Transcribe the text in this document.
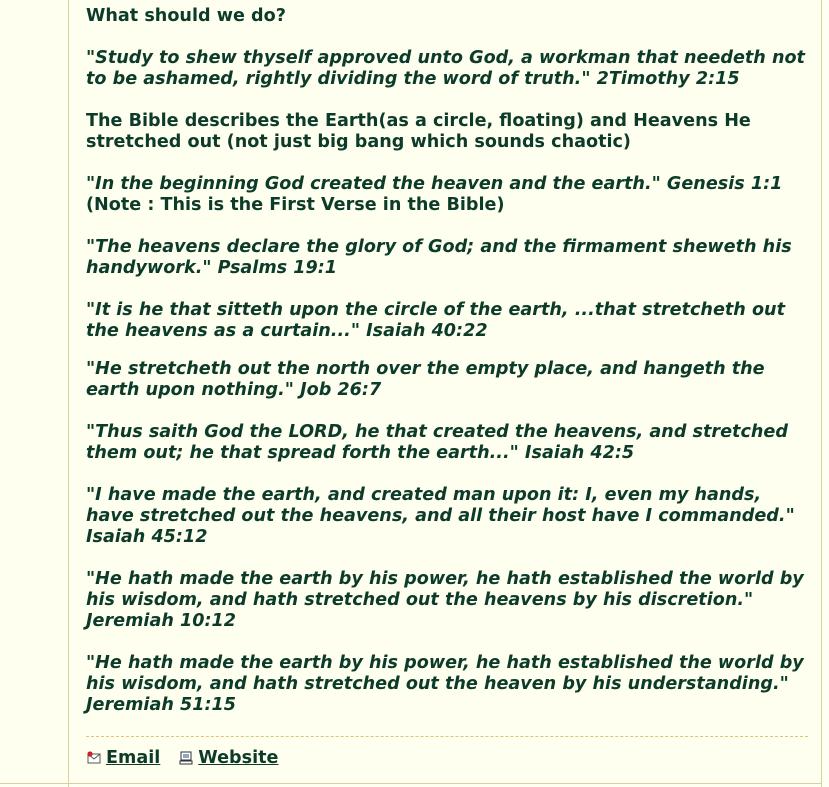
What should we do?

"Study to shew thyself approved unto God, a workman that needeth not to be ashamed, rightly dividing the word of truth." 2Timothy 2:15

The Bible describes the Earth(as a circle, floating) and Heavens He stretched out (not just big bang which sounds chaotic)

"In the beginning God created the heaven and the earth." Genesis 1:1
(Note : This is the First Verse in the Bible)

"The heavens declare the glory of God; and the firmament sheweth his handywork." Psalms 19:1

"It is he that sitteth upon the circle of the earth, ...that stretcheth out the heavens as a curtain..." Isaiah 40:22

"He stretcheth out the north over the empty place, and hangeth the earth upon nothing." Job 26:7

"Thus saith God the LORD, he that created the heavens, and stretched them out; he that spread forth the earth..." Isaiah 42:5

"I have made the earth, and created man upon it: I, even my hands, have stretched out the heavens, and all their host have I commanded." Isaiah 45:12

"He hath made the earth by his power, he hath established the world by his wisdom, and hath stretched out the heavens by his discretion." Jeremiah 10:12

"He hath made the earth by his power, he hath established the world by his wisdom, and hath stretched out the heaven by his understanding." Jeremiah 51:15

Email Website
